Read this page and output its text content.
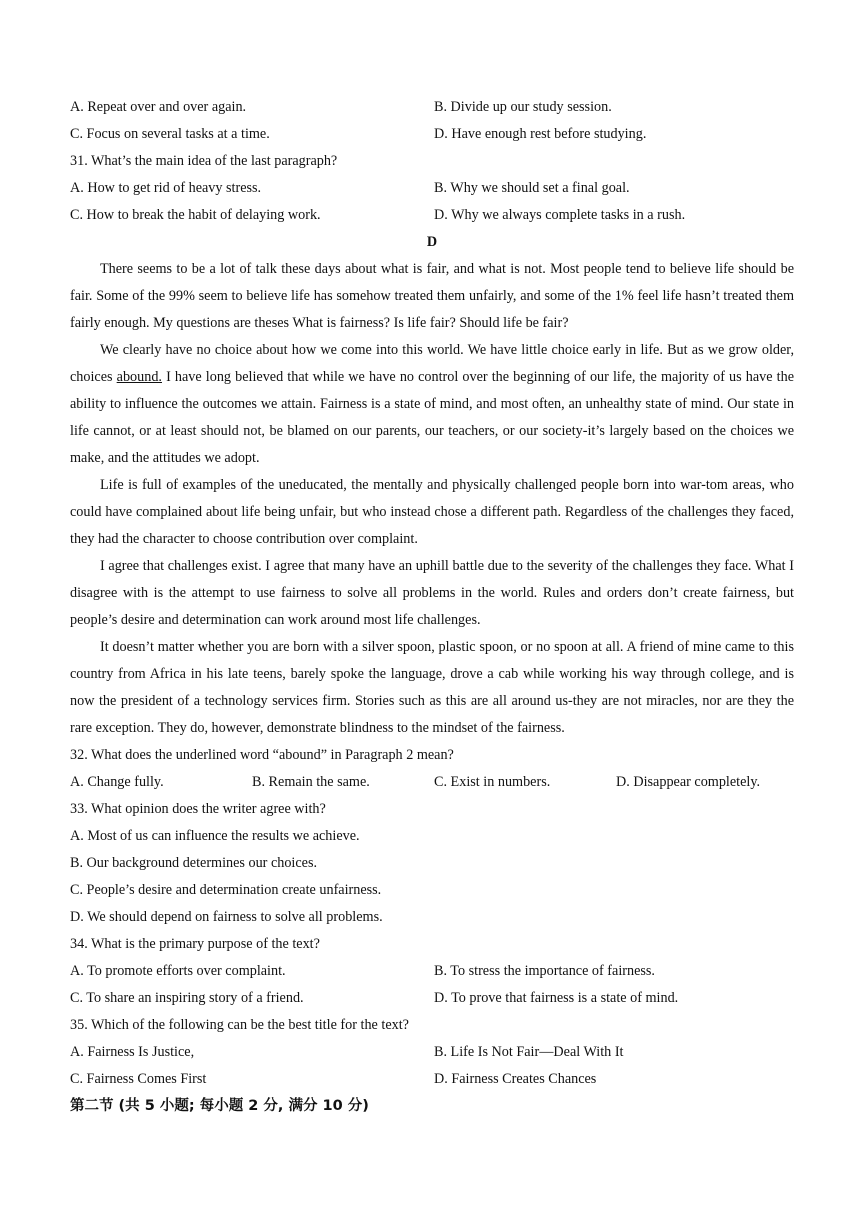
A. Repeat over and over again.	B. Divide up our study session.
C. Focus on several tasks at a time.	D. Have enough rest before studying.
31. What’s the main idea of the last paragraph?
A. How to get rid of heavy stress.	B. Why we should set a final goal.
C. How to break the habit of delaying work.	D. Why we always complete tasks in a rush.
D

There seems to be a lot of talk these days about what is fair, and what is not. Most people tend to believe life should be fair. Some of the 99% seem to believe life has somehow treated them unfairly, and some of the 1% feel life hasn’t treated them fairly enough. My questions are theses What is fairness? Is life fair? Should life be fair?

We clearly have no choice about how we come into this world. We have little choice early in life. But as we grow older, choices abound. I have long believed that while we have no control over the beginning of our life, the majority of us have the ability to influence the outcomes we attain. Fairness is a state of mind, and most often, an unhealthy state of mind. Our state in life cannot, or at least should not, be blamed on our parents, our teachers, or our society-it’s largely based on the choices we make, and the attitudes we adopt.

Life is full of examples of the uneducated, the mentally and physically challenged people born into war-tom areas, who could have complained about life being unfair, but who instead chose a different path. Regardless of the challenges they faced, they had the character to choose contribution over complaint.

I agree that challenges exist. I agree that many have an uphill battle due to the severity of the challenges they face. What I disagree with is the attempt to use fairness to solve all problems in the world. Rules and orders don’t create fairness, but people’s desire and determination can work around most life challenges.

It doesn’t matter whether you are born with a silver spoon, plastic spoon, or no spoon at all. A friend of mine came to this country from Africa in his late teens, barely spoke the language, drove a cab while working his way through college, and is now the president of a technology services firm. Stories such as this are all around us-they are not miracles, nor are they the rare exception. They do, however, demonstrate blindness to the mindset of the fairness.

32. What does the underlined word “abound” in Paragraph 2 mean?
A. Change fully.	B. Remain the same.	C. Exist in numbers.	D. Disappear completely.
33. What opinion does the writer agree with?
A. Most of us can influence the results we achieve.
B. Our background determines our choices.
C. People’s desire and determination create unfairness.
D. We should depend on fairness to solve all problems.
34. What is the primary purpose of the text?
A. To promote efforts over complaint.	B. To stress the importance of fairness.
C. To share an inspiring story of a friend.	D. To prove that fairness is a state of mind.
35. Which of the following can be the best title for the text?
A. Fairness Is Justice,	B. Life Is Not Fair—Deal With It
C. Fairness Comes First	D. Fairness Creates Chances
第二节 (共 5 小题; 每小题 2 分, 满分 10 分)
